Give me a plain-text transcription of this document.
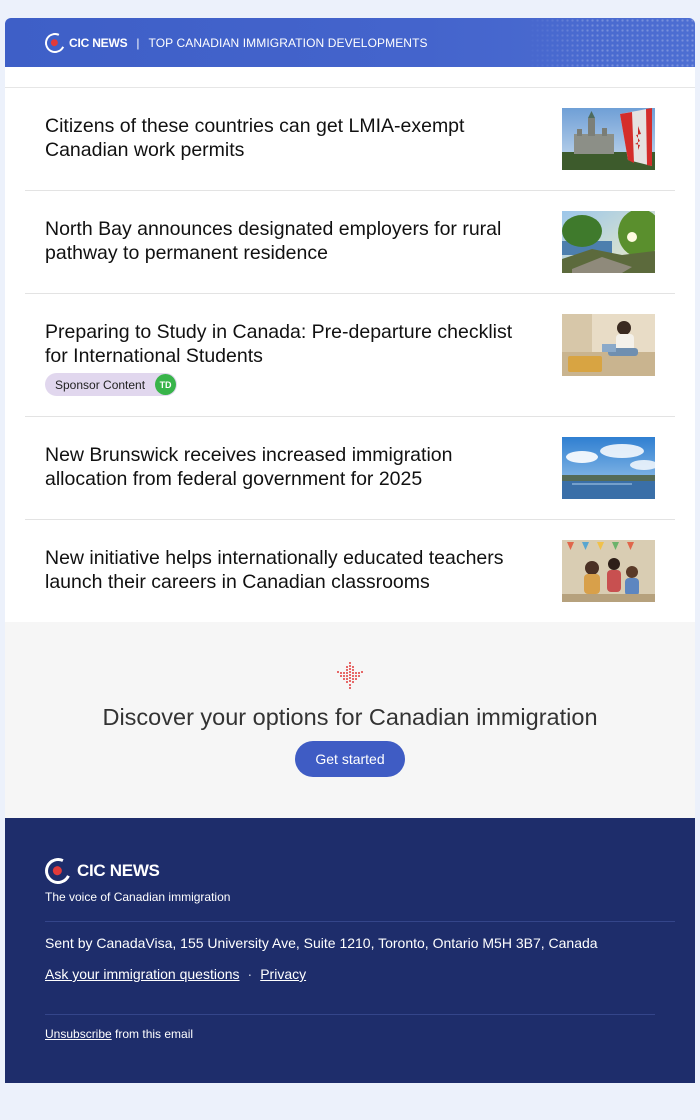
CIC NEWS | TOP CANADIAN IMMIGRATION DEVELOPMENTS
Citizens of these countries can get LMIA-exempt Canadian work permits
North Bay announces designated employers for rural pathway to permanent residence
Preparing to Study in Canada: Pre-departure checklist for International Students
Sponsor Content	TD
New Brunswick receives increased immigration allocation from federal government for 2025
New initiative helps internationally educated teachers launch their careers in Canadian classrooms
Discover your options for Canadian immigration
Get started
CIC NEWS
The voice of Canadian immigration
Sent by CanadaVisa, 155 University Ave, Suite 1210, Toronto, Ontario M5H 3B7, Canada
Ask your immigration questions · Privacy
Unsubscribe from this email
